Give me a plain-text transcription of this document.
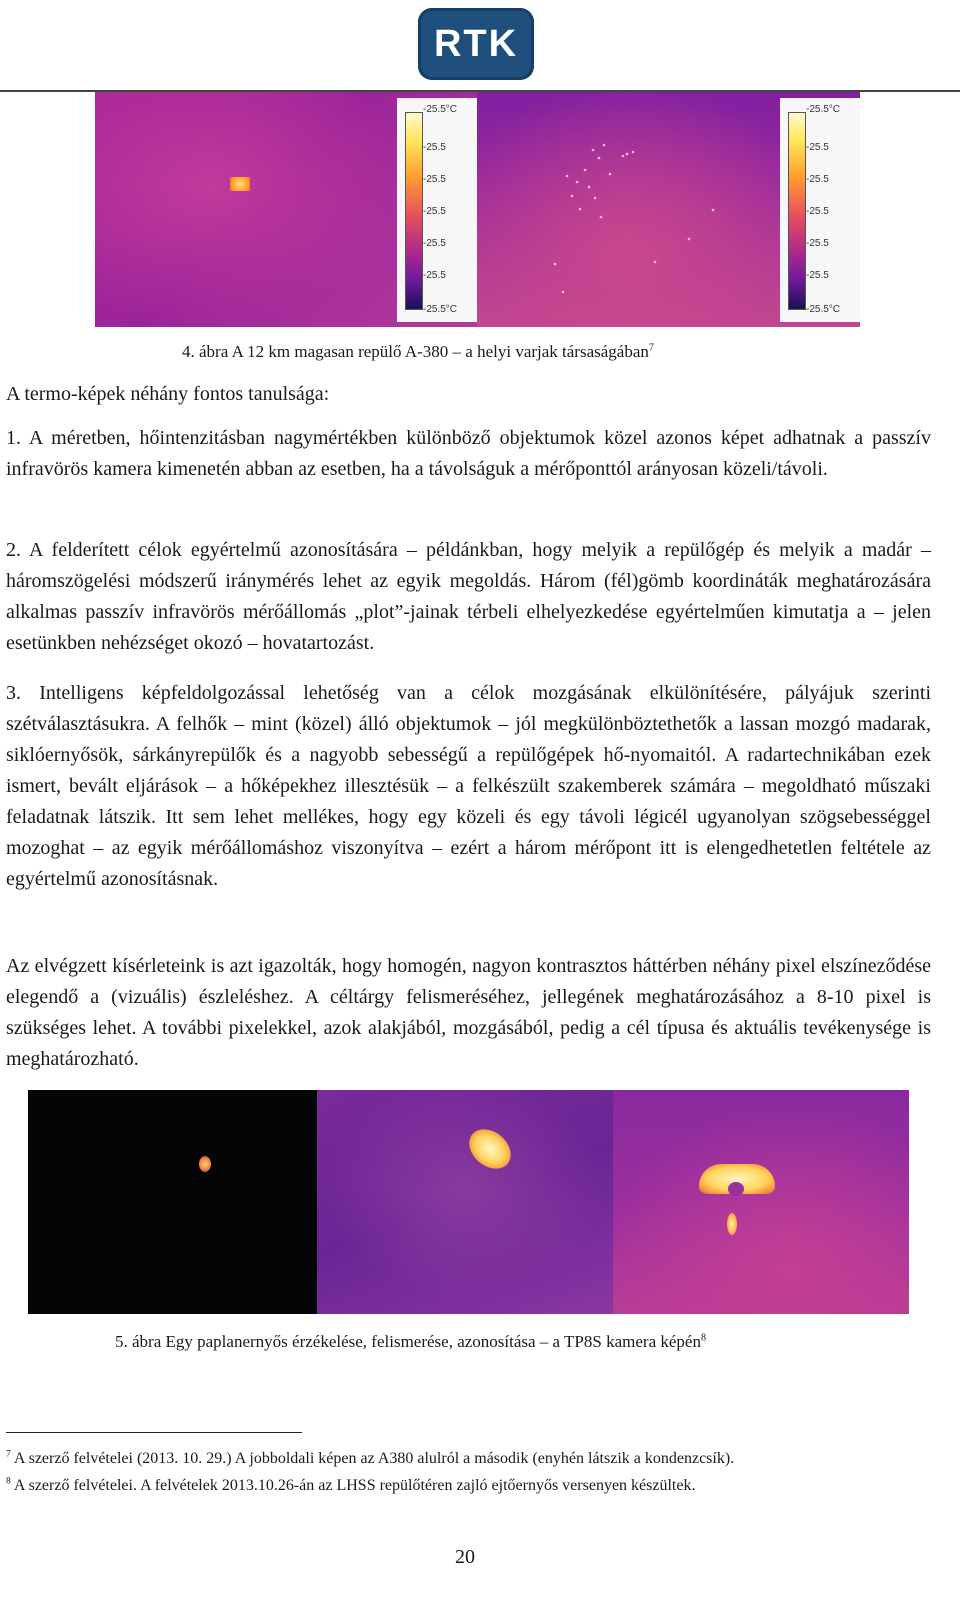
RTK
-25.5°C
-25.5
-25.5
-25.5
-25.5
-25.5
-25.5°C
-25.5°C
-25.5
-25.5
-25.5
-25.5
-25.5
-25.5°C
4. ábra A 12 km magasan repülő A-380 – a helyi varjak társaságában$^7$
A termo-képek néhány fontos tanulsága:

1. A méretben, hőintenzitásban nagymértékben különböző objektumok közel azonos képet adhatnak a passzív infravörös kamera kimenetén abban az esetben, ha a távolságuk a mérőponttól arányosan közeli/távoli.

2. A felderített célok egyértelmű azonosítására – példánkban, hogy melyik a repülőgép és melyik a madár – háromszögelési módszerű iránymérés lehet az egyik megoldás. Három (fél)gömb koordináták meghatározására alkalmas passzív infravörös mérőállomás „plot”-jainak térbeli elhelyezkedése egyértelműen kimutatja a – jelen esetünkben nehézséget okozó – hovatartozást.

3. Intelligens képfeldolgozással lehetőség van a célok mozgásának elkülönítésére, pályájuk szerinti szétválasztásukra. A felhők – mint (közel) álló objektumok – jól megkülönböztethetők a lassan mozgó madarak, siklóernyősök, sárkányrepülők és a nagyobb sebességű a repülőgépek hő-nyomaitól. A radartechnikában ezek ismert, bevált eljárások – a hőképekhez illesztésük – a felkészült szakemberek számára – megoldható műszaki feladatnak látszik. Itt sem lehet mellékes, hogy egy közeli és egy távoli légicél ugyanolyan szögsebességgel mozoghat – az egyik mérőállomáshoz viszonyítva – ezért a három mérőpont itt is elengedhetetlen feltétele az egyértelmű azonosításnak.

Az elvégzett kísérleteink is azt igazolták, hogy homogén, nagyon kontrasztos háttérben néhány pixel elszíneződése elegendő a (vizuális) észleléshez. A céltárgy felismeréséhez, jellegének meghatározásához a 8-10 pixel is szükséges lehet. A további pixelekkel, azok alakjából, mozgásából, pedig a cél típusa és aktuális tevékenysége is meghatározható.

5. ábra Egy paplanernyős érzékelése, felismerése, azonosítása – a TP8S kamera képén$^8$
$^7$ A szerző felvételei (2013. 10. 29.) A jobboldali képen az A380 alulról a második (enyhén látszik a kondenzcsík).
$^8$ A szerző felvételei. A felvételek 2013.10.26-án az LHSS repülőtéren zajló ejtőernyős versenyen készültek.
20
